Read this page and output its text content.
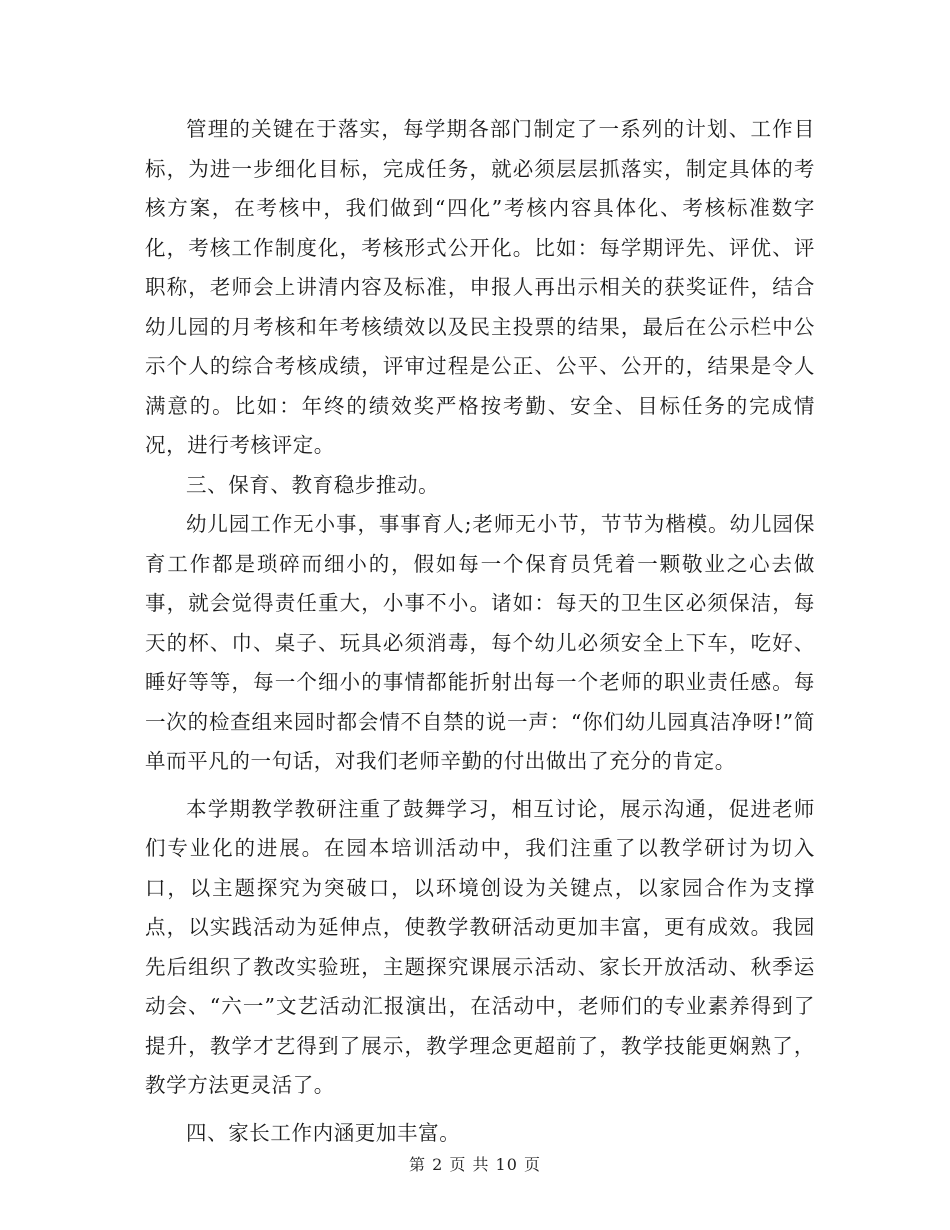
管理的关键在于落实，每学期各部门制定了一系列的计划、工作目标，为进一步细化目标，完成任务，就必须层层抓落实，制定具体的考核方案，在考核中，我们做到“四化”考核内容具体化、考核标准数字化，考核工作制度化，考核形式公开化。比如：每学期评先、评优、评职称，老师会上讲清内容及标准，申报人再出示相关的获奖证件，结合幼儿园的月考核和年考核绩效以及民主投票的结果，最后在公示栏中公示个人的综合考核成绩，评审过程是公正、公平、公开的，结果是令人满意的。比如：年终的绩效奖严格按考勤、安全、目标任务的完成情况，进行考核评定。

三、保育、教育稳步推动。

幼儿园工作无小事，事事育人;老师无小节，节节为楷模。幼儿园保育工作都是琐碎而细小的，假如每一个保育员凭着一颗敬业之心去做事，就会觉得责任重大，小事不小。诸如：每天的卫生区必须保洁，每天的杯、巾、桌子、玩具必须消毒，每个幼儿必须安全上下车，吃好、睡好等等，每一个细小的事情都能折射出每一个老师的职业责任感。每一次的检查组来园时都会情不自禁的说一声：“你们幼儿园真洁净呀!”简单而平凡的一句话，对我们老师辛勤的付出做出了充分的肯定。

本学期教学教研注重了鼓舞学习，相互讨论，展示沟通，促进老师们专业化的进展。在园本培训活动中，我们注重了以教学研讨为切入口，以主题探究为突破口，以环境创设为关键点，以家园合作为支撑点，以实践活动为延伸点，使教学教研活动更加丰富，更有成效。我园先后组织了教改实验班，主题探究课展示活动、家长开放活动、秋季运动会、“六一”文艺活动汇报演出，在活动中，老师们的专业素养得到了提升，教学才艺得到了展示，教学理念更超前了，教学技能更娴熟了，教学方法更灵活了。

四、家长工作内涵更加丰富。

第 2 页 共 10 页
